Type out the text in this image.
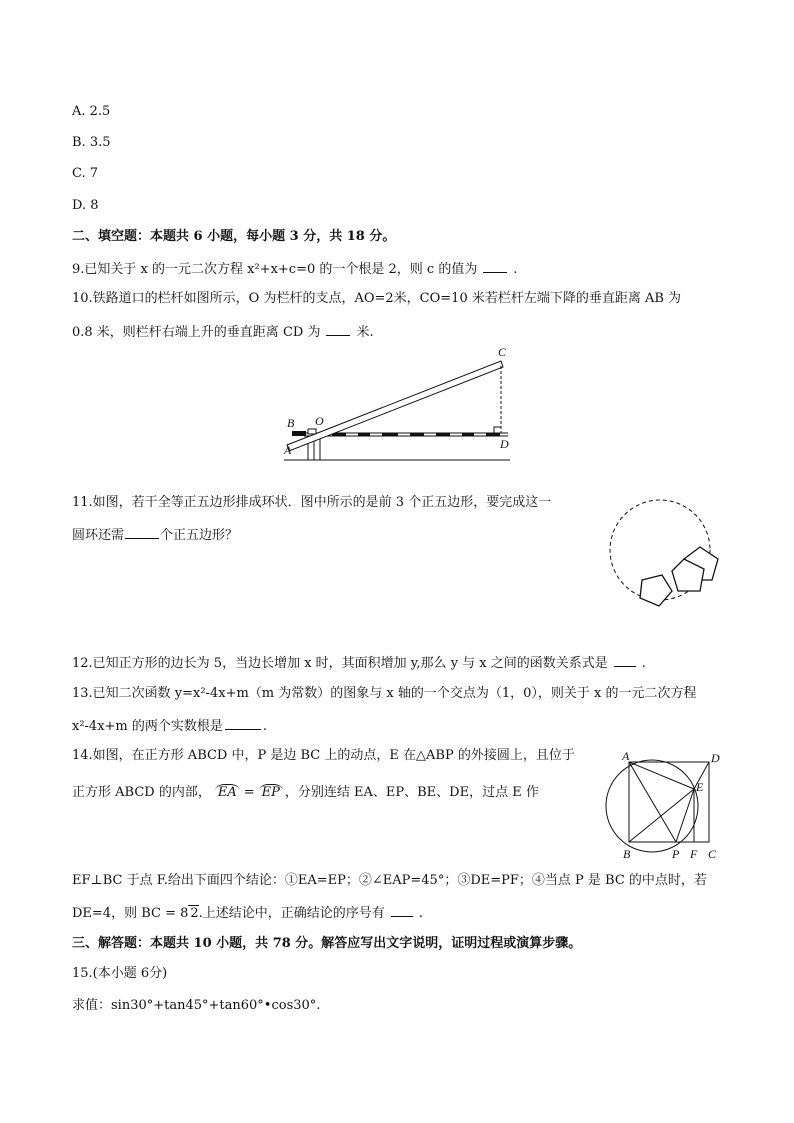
A. 2.5
B. 3.5
C. 7
D. 8
二、填空题：本题共 6 小题，每小题 3 分，共 18 分。
9.已知关于 x 的一元二次方程 x²+x+c=0 的一个根是 2，则 c 的值为	.
10.铁路道口的栏杆如图所示，O 为栏杆的支点，AO=2米，CO=10 米若栏杆左端下降的垂直距离 AB 为
0.8 米，则栏杆右端上升的垂直距离 CD 为	米.
A
B O
C
D
11.如图，若干全等正五边形排成环状．图中所示的是前 3 个正五边形，要完成这一
圆环还需	个正五边形？
12.已知正方形的边长为 5，当边长增加 x 时，其面积增加 y,那么 y 与 x 之间的函数关系式是	.
13.已知二次函数 y=x²-4x+m（m 为常数）的图象与 x 轴的一个交点为（1，0），则关于 x 的一元二次方程
x²-4x+m 的两个实数根是	.
14.如图，在正方形 ABCD 中，P 是边 BC 上的动点，E 在△ABP 的外接圆上，且位于
正方形 ABCD 的内部， EA = EP ，分别连结 EA、EP、BE、DE，过点 E 作
A	D
E
B	P F C
EF⊥BC 于点 F.给出下面四个结论：①EA=EP；②∠EAP=45°；③DE=PF；④当点 P 是 BC 的中点时，若
DE=4，则 BC = 8 2.上述结论中，正确结论的序号有	.
三、解答题：本题共 10 小题，共 78 分。解答应写出文字说明，证明过程或演算步骤。
15.(本小题 6分)
求值：sin30°+tan45°+tan60°•cos30°.
